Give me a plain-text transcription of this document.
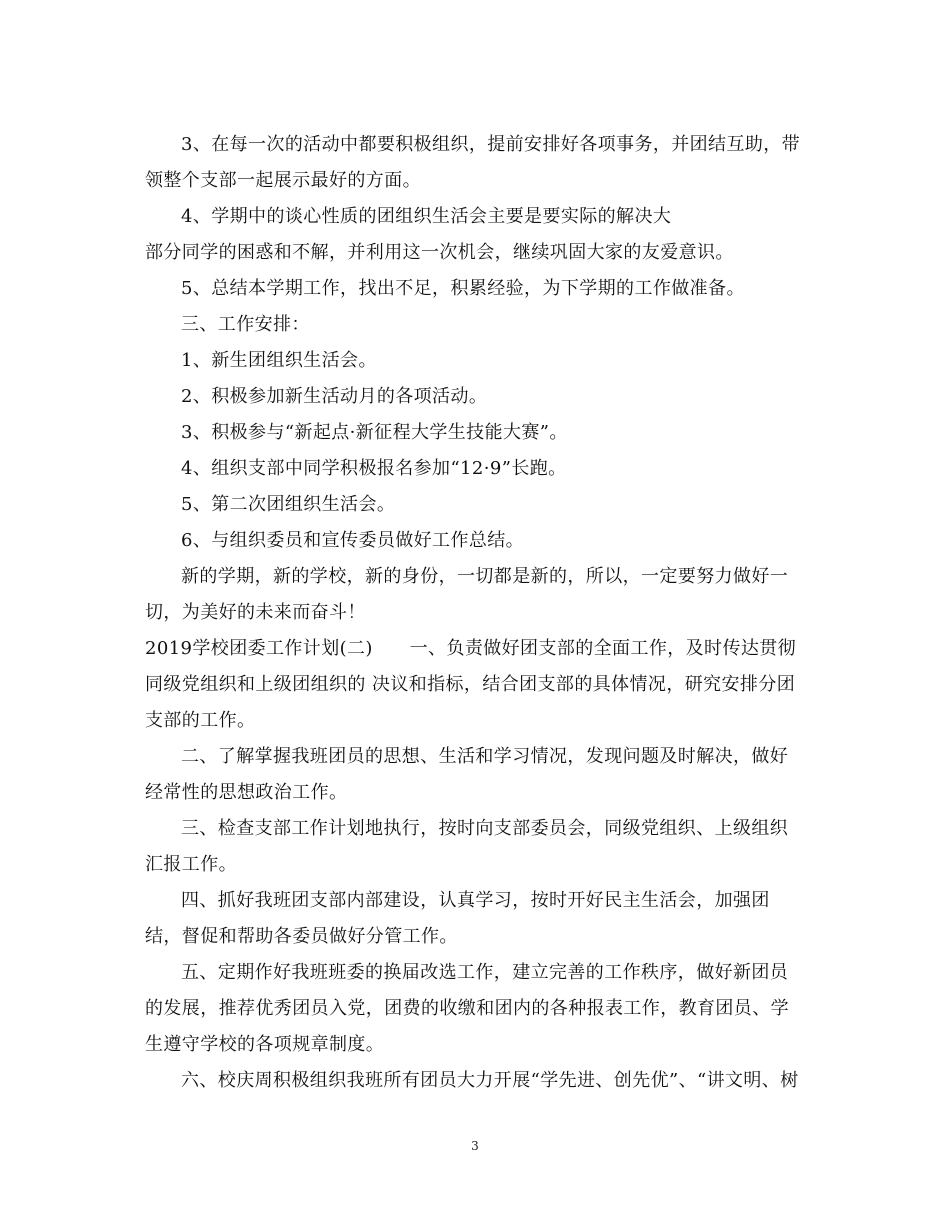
3、在每一次的活动中都要积极组织，提前安排好各项事务，并团结互助，带领整个支部一起展示最好的方面。

4、学期中的谈心性质的团组织生活会主要是要实际的解决大

部分同学的困惑和不解，并利用这一次机会，继续巩固大家的友爱意识。

5、总结本学期工作，找出不足，积累经验，为下学期的工作做准备。

三、工作安排：

1、新生团组织生活会。

2、积极参加新生活动月的各项活动。

3、积极参与“新起点·新征程大学生技能大赛”。

4、组织支部中同学积极报名参加“12·9”长跑。

5、第二次团组织生活会。

6、与组织委员和宣传委员做好工作总结。

新的学期，新的学校，新的身份，一切都是新的，所以，一定要努力做好一切，为美好的未来而奋斗！

2019学校团委工作计划(二)　　一、负责做好团支部的全面工作，及时传达贯彻同级党组织和上级团组织的 决议和指标，结合团支部的具体情况，研究安排分团支部的工作。

二、了解掌握我班团员的思想、生活和学习情况，发现问题及时解决，做好经常性的思想政治工作。

三、检查支部工作计划地执行，按时向支部委员会，同级党组织、上级组织汇报工作。

四、抓好我班团支部内部建设，认真学习，按时开好民主生活会，加强团结，督促和帮助各委员做好分管工作。

五、定期作好我班班委的换届改选工作，建立完善的工作秩序，做好新团员的发展，推荐优秀团员入党，团费的收缴和团内的各种报表工作，教育团员、学生遵守学校的各项规章制度。

六、校庆周积极组织我班所有团员大力开展“学先进、创先优”、“讲文明、树

3
